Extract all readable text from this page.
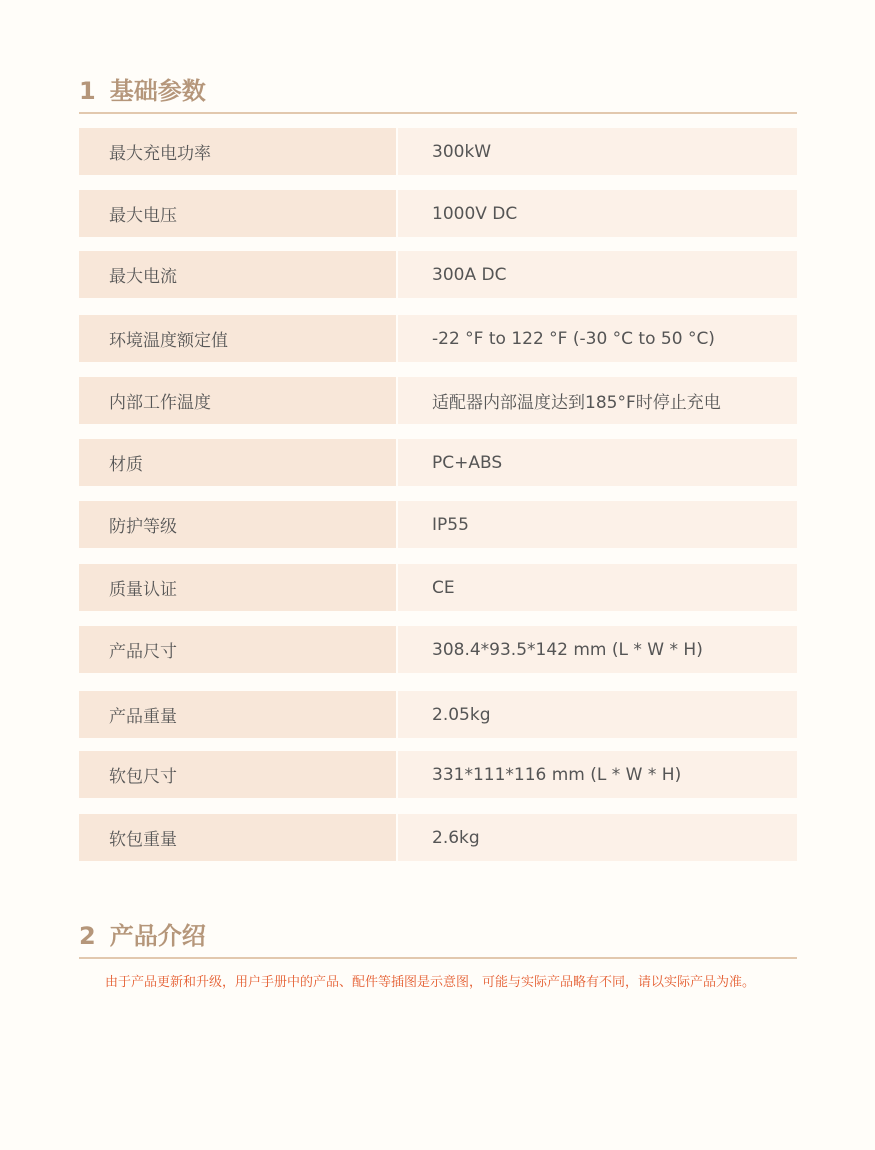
1 基础参数
最大充电功率	300kW
最大电压	1000V DC
最大电流	300A DC
环境温度额定值	-22 °F to 122 °F (-30 °C to 50 °C)
内部工作温度	适配器内部温度达到185°F时停止充电
材质	PC+ABS
防护等级	IP55
质量认证	CE
产品尺寸	308.4*93.5*142 mm (L * W * H)
产品重量	2.05kg
软包尺寸	331*111*116 mm (L * W * H)
软包重量	2.6kg
2 产品介绍

由于产品更新和升级，用户手册中的产品、配件等插图是示意图，可能与实际产品略有不同，请以实际产品为准。
